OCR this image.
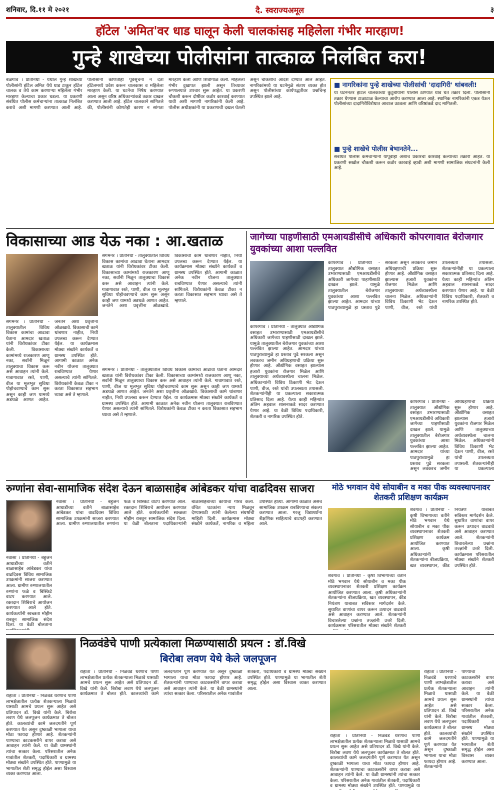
शनिवार, दि.११ मे २०२१	दै. स्वराज्यअमूल	३
हॉटेल 'अमित'वर धाड घालून केली चालकांसह महिलेला गंभीर मारहाण!
गुन्हे शाखेच्या पोलीसांना तात्काळ निलंबित करा!
बेळगाव । प्रतिनिधी - येथील गुन्हे शाखेच्या पोलीसांनी हॉटेल अमित येथे धाड टाकून हॉटेल चालक व तेथे काम करणाऱ्या महिलेला गंभीर मारहाण केल्याचा प्रकार घडला. या प्रकरणी संबंधित पोलीस कर्मचाऱ्यांना तात्काळ निलंबित करावे अशी मागणी करण्यात आली आहे. पोलीसांनी कोणतीही पूर्वसूचना न देता हॉटेलमध्ये प्रवेश करून चालकास व महिलेला मारहाण केली. या घटनेचा निषेध करण्यात आला असून वरिष्ठ अधिकाऱ्यांकडे तक्रार दाखल करण्यात आली आहे. हॉटेल चालकाने सांगितले की, पोलीसांनी कोणतेही कारण न सांगता मारहाण केली आणि शिवीगाळ केली. महिलेला गंभीर दुखापत झाली असून तिच्यावर रुग्णालयात उपचार सुरू आहेत. या प्रकरणी चौकशी करून दोषींवर कठोर कारवाई करण्यात यावी अशी मागणी नागरिकांनी केली आहे. पोलीस अधीक्षकांनी या प्रकरणाची दखल घेतली असून चौकशीचे आदेश देण्यात आले आहेत. नागरिकांमध्ये या घटनेमुळे संताप व्यक्त होत असून पोलीसांच्या कार्यपद्धतीवर प्रश्नचिन्ह उपस्थित झाले आहे.
■ नागरिकांना पुन्हे शाखेच्या पोलीसांची 'दादागिरी' थांबवली!
या घटनेनंतर हॉटेल चालकाच्या कुटुंबीयांनी पोलीस ठाण्यात धाव घेत तक्रार दिली. पोलीसांनी तक्रार घेण्यास टाळाटाळ केल्याचा आरोप करण्यात आला आहे. स्थानिक नागरिकांनी एकत्र येऊन पोलीसांच्या दादागिरीविरोधात आवाज उठवला आणि वरिष्ठांकडे दाद मागितली.
■ पुन्हे शाखेचे पोलीस बेभानतेने...
संबंधित पोलीस कर्मचाऱ्यांनी यापूर्वीही अशाच प्रकारची कारवाई केल्याच्या तक्रारी आहेत. या प्रकरणी सखोल चौकशी करून कठोर कारवाई व्हावी अशी मागणी सामाजिक संघटनांनी केली आहे.
विकासाच्या आड येऊ नका : आ.खताळ
संगमनेर । प्रतिनिधी - तालुक्यातील विविध विकास कामांचा आढावा घेताना आमदार खताळ यांनी विरोधकांवर टीका केली. विकासाच्या कामांमध्ये राजकारण आणू नका, सर्वांनी मिळून तालुक्याचा विकास करू असे आवाहन त्यांनी केले. गावागावात रस्ते, पाणी, वीज या मूलभूत सुविधा पोहोचवण्याचे काम सुरू असून काही जण यामध्ये अडथळे आणत आहेत. जनतेने अशा प्रवृत्तींना ओळखावे. विकासाची कामे थांबणार नाहीत, निधी उपलब्ध करून देण्यात येईल. या कार्यक्रमास मोठ्या संख्येने कार्यकर्ते व ग्रामस्थ उपस्थित होते. आगामी काळात अनेक नवीन योजना तालुक्यात राबविण्यात येणार असल्याचे त्यांनी सांगितले. विरोधकांनी केवळ टीका न करता विकासात सहभाग घ्यावा असे ते म्हणाले.
संगमनेर । प्रतिनिधी - तालुक्यातील विविध विकास कामांचा आढावा घेताना आमदार खताळ यांनी विरोधकांवर टीका केली. विकासाच्या कामांमध्ये राजकारण आणू नका, सर्वांनी मिळून तालुक्याचा विकास करू असे आवाहन त्यांनी केले. गावागावात रस्ते, पाणी, वीज या मूलभूत सुविधा पोहोचवण्याचे काम सुरू असून काही जण यामध्ये अडथळे आणत आहेत. जनतेने अशा प्रवृत्तींना ओळखावे. विकासाची कामे थांबणार नाहीत, निधी उपलब्ध करून देण्यात येईल. या कार्यक्रमास मोठ्या संख्येने कार्यकर्ते व ग्रामस्थ उपस्थित होते. आगामी काळात अनेक नवीन योजना तालुक्यात राबविण्यात येणार असल्याचे त्यांनी सांगितले. विरोधकांनी केवळ टीका न करता विकासात सहभाग घ्यावा असे ते म्हणाले.
संगमनेर । प्रतिनिधी - तालुक्यातील विविध विकास कामांचा आढावा घेताना आमदार खताळ यांनी विरोधकांवर टीका केली. विकासाच्या कामांमध्ये राजकारण आणू नका, सर्वांनी मिळून तालुक्याचा विकास करू असे आवाहन त्यांनी केले. गावागावात रस्ते, पाणी, वीज या मूलभूत सुविधा पोहोचवण्याचे काम सुरू असून काही जण यामध्ये अडथळे आणत आहेत. जनतेने अशा प्रवृत्तींना ओळखावे. विकासाची कामे थांबणार नाहीत, निधी उपलब्ध करून देण्यात येईल. या कार्यक्रमास मोठ्या संख्येने कार्यकर्ते व ग्रामस्थ उपस्थित होते. आगामी काळात अनेक नवीन योजना तालुक्यात राबविण्यात येणार असल्याचे त्यांनी सांगितले. विरोधकांनी केवळ टीका न करता विकासात सहभाग घ्यावा असे ते म्हणाले.
जागेच्या पाहणीसाठी एमआयडीसीचे अधिकारी कोपरगावात बेरोजगार युवकांच्या आशा पल्लवित
कोपरगाव । प्रतिनिधी - तालुक्यात औद्योगिक वसाहत उभारण्यासाठी एमआयडीसीचे अधिकारी जागेच्या पाहणीसाठी दाखल झाले. यामुळे तालुक्यातील बेरोजगार युवकांच्या आशा पल्लवित झाल्या आहेत. आमदार यांच्या पाठपुराव्यामुळे हा प्रस्ताव पुढे सरकला असून लवकरच जमीन अधिग्रहणाची प्रक्रिया सुरू होणार आहे. औद्योगिक वसाहत झाल्यास हजारो युवकांना रोजगार मिळेल आणि तालुक्याच्या अर्थव्यवस्थेला चालना मिळेल. अधिकाऱ्यांनी विविध ठिकाणी भेट देऊन पाणी, वीज, रस्ते यांची उपलब्धता तपासली. शेतकऱ्यांनीही या प्रकल्पाला सकारात्मक प्रतिसाद दिला आहे. येत्या काही महिन्यांत अंतिम अहवाल शासनाकडे सादर करण्यात येणार आहे. या वेळी विविध पदाधिकारी, शेतकरी व नागरिक उपस्थित होते.
कोपरगाव । प्रतिनिधी - तालुक्यात औद्योगिक वसाहत उभारण्यासाठी एमआयडीसीचे अधिकारी जागेच्या पाहणीसाठी दाखल झाले. यामुळे तालुक्यातील बेरोजगार युवकांच्या आशा पल्लवित झाल्या आहेत. आमदार यांच्या पाठपुराव्यामुळे हा प्रस्ताव पुढे सरकला असून लवकरच जमीन अधिग्रहणाची प्रक्रिया सुरू होणार आहे. औद्योगिक वसाहत झाल्यास हजारो युवकांना रोजगार मिळेल आणि तालुक्याच्या अर्थव्यवस्थेला चालना मिळेल. अधिकाऱ्यांनी विविध ठिकाणी भेट देऊन पाणी, वीज, रस्ते यांची उपलब्धता तपासली. शेतकऱ्यांनीही या प्रकल्पाला सकारात्मक प्रतिसाद दिला आहे. येत्या काही महिन्यांत अंतिम अहवाल शासनाकडे सादर करण्यात येणार आहे. या वेळी विविध पदाधिकारी, शेतकरी व नागरिक उपस्थित होते.
कोपरगाव । प्रतिनिधी - तालुक्यात औद्योगिक वसाहत उभारण्यासाठी एमआयडीसीचे अधिकारी जागेच्या पाहणीसाठी दाखल झाले. यामुळे तालुक्यातील बेरोजगार युवकांच्या आशा पल्लवित झाल्या आहेत. आमदार यांच्या पाठपुराव्यामुळे हा प्रस्ताव पुढे सरकला असून लवकरच जमीन अधिग्रहणाची प्रक्रिया सुरू होणार आहे. औद्योगिक वसाहत झाल्यास हजारो युवकांना रोजगार मिळेल आणि तालुक्याच्या अर्थव्यवस्थेला चालना मिळेल. अधिकाऱ्यांनी विविध ठिकाणी भेट देऊन पाणी, वीज, रस्ते यांची उपलब्धता तपासली. शेतकऱ्यांनीही या प्रकल्पाला
रुग्णांना सेवा-सामाजिक संदेश देऊन बाळासाहेब आंबेडकर यांचा वाढदिवस साजरा
नेवासा । प्रतिनिधी - बहुजन आघाडीच्या वतीने बाळासाहेब आंबेडकर यांचा वाढदिवस विविध सामाजिक उपक्रमांनी साजरा करण्यात आला. ग्रामीण रुग्णालयातील रुग्णांना फळे व बिस्किटे वाटप करण्यात आले. रक्तदान शिबिराचे आयोजन करण्यात आले होते. कार्यकर्त्यांनी स्वच्छता मोहीम राबवून सामाजिक संदेश दिला. या वेळी बोलताना पदाधिकाऱ्यांनी बाळासाहेबांच्या कार्याचा गौरव केला. वंचित घटकांना न्याय मिळवून देण्यासाठी त्यांनी केलेल्या संघर्षाची माहिती दिली. कार्यक्रमास मोठ्या संख्येने कार्यकर्ते, नागरिक व महिला उपस्थित होत्या. आगामी काळात असेच सामाजिक उपक्रम राबविण्याचा संकल्प करण्यात आला. गरजू विद्यार्थ्यांना शैक्षणिक साहित्याचे वाटपही करण्यात आले.
नेवासा । प्रतिनिधी - बहुजन आघाडीच्या वतीने बाळासाहेब आंबेडकर यांचा वाढदिवस विविध सामाजिक उपक्रमांनी साजरा करण्यात आला. ग्रामीण रुग्णालयातील रुग्णांना फळे व बिस्किटे वाटप करण्यात आले. रक्तदान शिबिराचे आयोजन करण्यात आले होते. कार्यकर्त्यांनी स्वच्छता मोहीम राबवून सामाजिक संदेश दिला. या वेळी बोलताना
मोठे भगवान येथे सोयाबीन व मका पीक व्यवस्थापनावर शेतकरी प्रशिक्षण कार्यक्रम
शेवगाव । प्रतिनिधी - कृषी विभागाच्या वतीने मोठे भगवान येथे सोयाबीन व मका पीक व्यवस्थापनावर शेतकरी प्रशिक्षण कार्यक्रम आयोजित करण्यात आला. कृषी अधिकाऱ्यांनी शेतकऱ्यांना बीजप्रक्रिया, खत व्यवस्थापन, कीड नियंत्रण याबाबत सविस्तर मार्गदर्शन केले. सुधारित वाणांचा वापर करून उत्पादन वाढवावे असे आवाहन करण्यात आले. शेतकऱ्यांनी विचारलेल्या प्रश्नांना तज्ज्ञांनी उत्तरे दिली. कार्यक्रमास परिसरातील मोठ्या संख्येने शेतकरी उपस्थित होते.
शेवगाव । प्रतिनिधी - कृषी विभागाच्या वतीने मोठे भगवान येथे सोयाबीन व मका पीक व्यवस्थापनावर शेतकरी प्रशिक्षण कार्यक्रम आयोजित करण्यात आला. कृषी अधिकाऱ्यांनी शेतकऱ्यांना बीजप्रक्रिया, खत व्यवस्थापन, कीड नियंत्रण याबाबत सविस्तर मार्गदर्शन केले. सुधारित वाणांचा वापर करून उत्पादन वाढवावे असे आवाहन करण्यात आले. शेतकऱ्यांनी विचारलेल्या प्रश्नांना तज्ज्ञांनी उत्तरे दिली. कार्यक्रमास परिसरातील मोठ्या संख्येने शेतकरी
निळवंडेचे पाणी प्रत्येकाला मिळण्यासाठी प्रयत्न : डॉ.विखे
बिरोबा लवण येथे केले जलपूजन
राहाता । प्रतिनिधी - निळवंडे धरणाचे पाणी लाभक्षेत्रातील प्रत्येक शेतकऱ्याला मिळावे यासाठी आमचे प्रयत्न सुरू आहेत असे प्रतिपादन डॉ. विखे यांनी केले. बिरोबा लवण येथे जलपूजन कार्यक्रमात ते बोलत होते. कालव्यांची कामे जलदगतीने पूर्ण करण्यात येत असून दुष्काळी भागाला याचा मोठा फायदा होणार आहे. शेतकऱ्यांनी पाण्याचा काटकसरीने वापर करावा असे आवाहन त्यांनी केले. या वेळी ग्रामस्थांनी त्यांचा सत्कार केला. परिसरातील अनेक गावांतील शेतकरी, पदाधिकारी व ग्रामस्थ मोठ्या संख्येने उपस्थित होते. पाण्यामुळे या भागातील शेती समृद्ध होईल असा विश्वास व्यक्त करण्यात आला.
राहाता । प्रतिनिधी - निळवंडे धरणाचे पाणी लाभक्षेत्रातील प्रत्येक शेतकऱ्याला मिळावे यासाठी आमचे प्रयत्न सुरू आहेत असे प्रतिपादन डॉ. विखे यांनी केले. बिरोबा लवण येथे जलपूजन कार्यक्रमात ते बोलत होते. कालव्यांची कामे जलदगतीने पूर्ण करण्यात येत असून दुष्काळी भागाला याचा मोठा फायदा होणार आहे. शेतकऱ्यांनी पाण्याचा काटकसरीने वापर करावा असे आवाहन त्यांनी केले. या वेळी ग्रामस्थांनी त्यांचा सत्कार केला. परिसरातील अनेक गावांतील शेतकरी, पदाधिकारी व ग्रामस्थ मोठ्या संख्येने उपस्थित होते. पाण्यामुळे या भागातील शेती समृद्ध होईल असा विश्वास व्यक्त करण्यात आला.
राहाता । प्रतिनिधी - निळवंडे धरणाचे पाणी लाभक्षेत्रातील प्रत्येक शेतकऱ्याला मिळावे यासाठी आमचे प्रयत्न सुरू आहेत असे प्रतिपादन डॉ. विखे यांनी केले. बिरोबा लवण येथे जलपूजन कार्यक्रमात ते बोलत होते. कालव्यांची कामे जलदगतीने पूर्ण करण्यात येत असून दुष्काळी भागाला याचा मोठा फायदा होणार आहे. शेतकऱ्यांनी पाण्याचा काटकसरीने वापर करावा असे आवाहन त्यांनी केले. या वेळी ग्रामस्थांनी त्यांचा सत्कार केला. परिसरातील अनेक गावांतील शेतकरी, पदाधिकारी व ग्रामस्थ मोठ्या संख्येने उपस्थित होते. पाण्यामुळे या भागातील शेती समृद्ध होईल असा विश्वास व्यक्त करण्यात आला.
राहाता । प्रतिनिधी - निळवंडे धरणाचे पाणी लाभक्षेत्रातील प्रत्येक शेतकऱ्याला मिळावे यासाठी आमचे प्रयत्न सुरू आहेत असे प्रतिपादन डॉ. विखे यांनी केले. बिरोबा लवण येथे जलपूजन कार्यक्रमात ते बोलत होते. कालव्यांची कामे जलदगतीने पूर्ण करण्यात येत असून दुष्काळी भागाला याचा मोठा फायदा होणार आहे. शेतकऱ्यांनी पाण्याचा काटकसरीने वापर करावा असे आवाहन त्यांनी केले. या वेळी ग्रामस्थांनी त्यांचा सत्कार केला. परिसरातील अनेक गावांतील शेतकरी, पदाधिकारी व ग्रामस्थ मोठ्या संख्येने उपस्थित होते. पाण्यामुळे या
